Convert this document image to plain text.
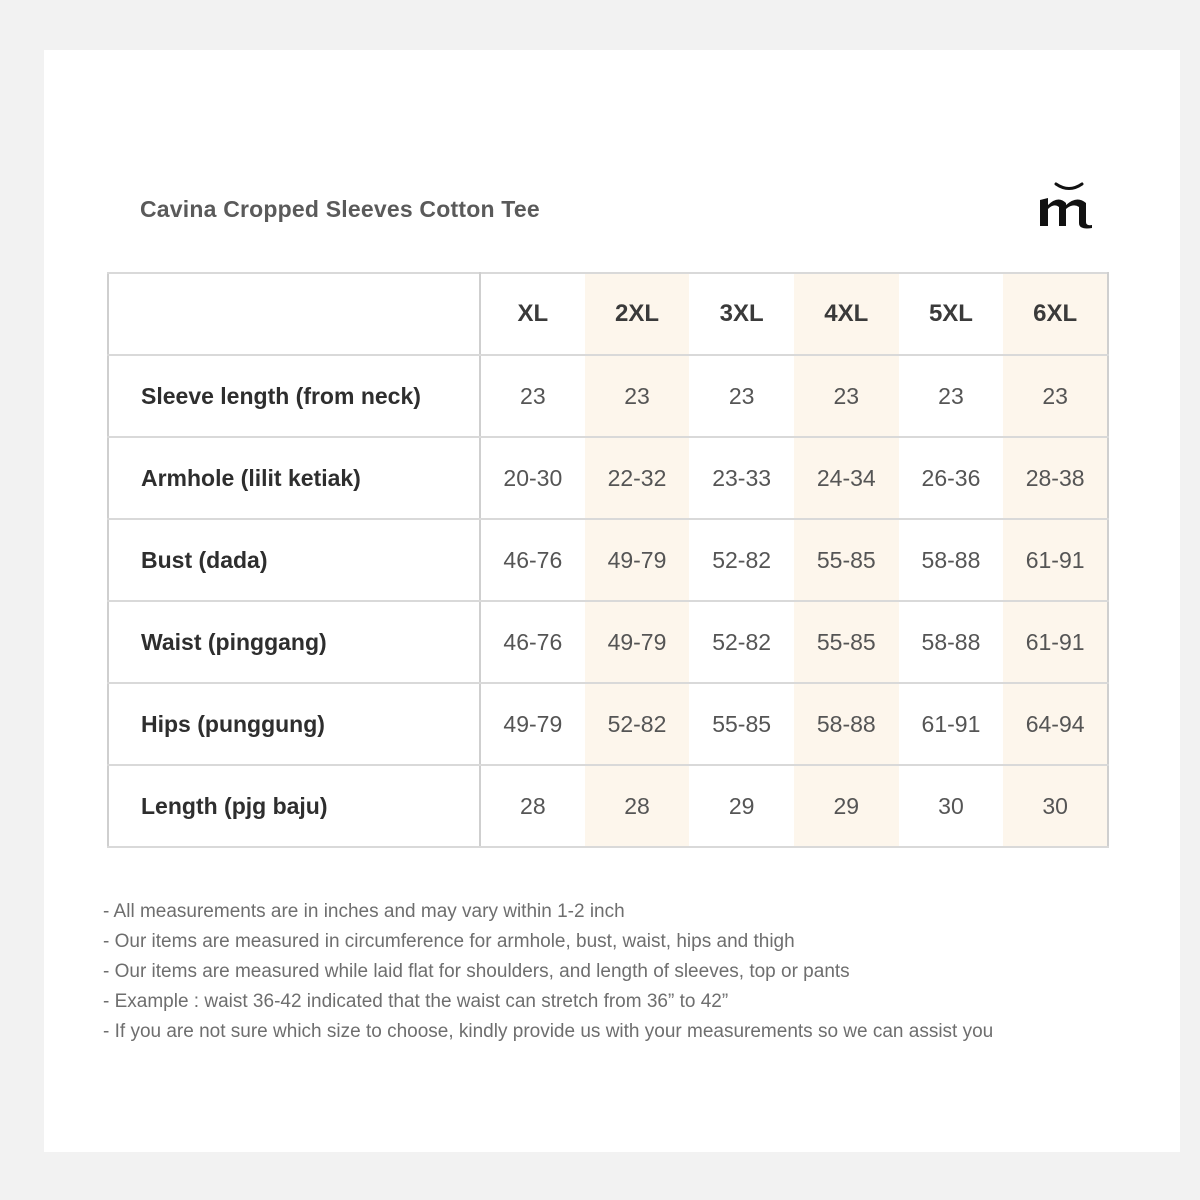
Cavina Cropped Sleeves Cotton Tee
	XL	2XL	3XL	4XL	5XL	6XL
Sleeve length (from neck)	23	23	23	23	23	23
Armhole (lilit ketiak)	20-30	22-32	23-33	24-34	26-36	28-38
Bust (dada)	46-76	49-79	52-82	55-85	58-88	61-91
Waist (pinggang)	46-76	49-79	52-82	55-85	58-88	61-91
Hips (punggung)	49-79	52-82	55-85	58-88	61-91	64-94
Length (pjg baju)	28	28	29	29	30	30
- All measurements are in inches and may vary within 1-2 inch
- Our items are measured in circumference for armhole, bust, waist, hips and thigh
- Our items are measured while laid flat for shoulders, and length of sleeves, top or pants
- Example : waist 36-42 indicated that the waist can stretch from 36” to 42”
- If you are not sure which size to choose, kindly provide us with your measurements so we can assist you
